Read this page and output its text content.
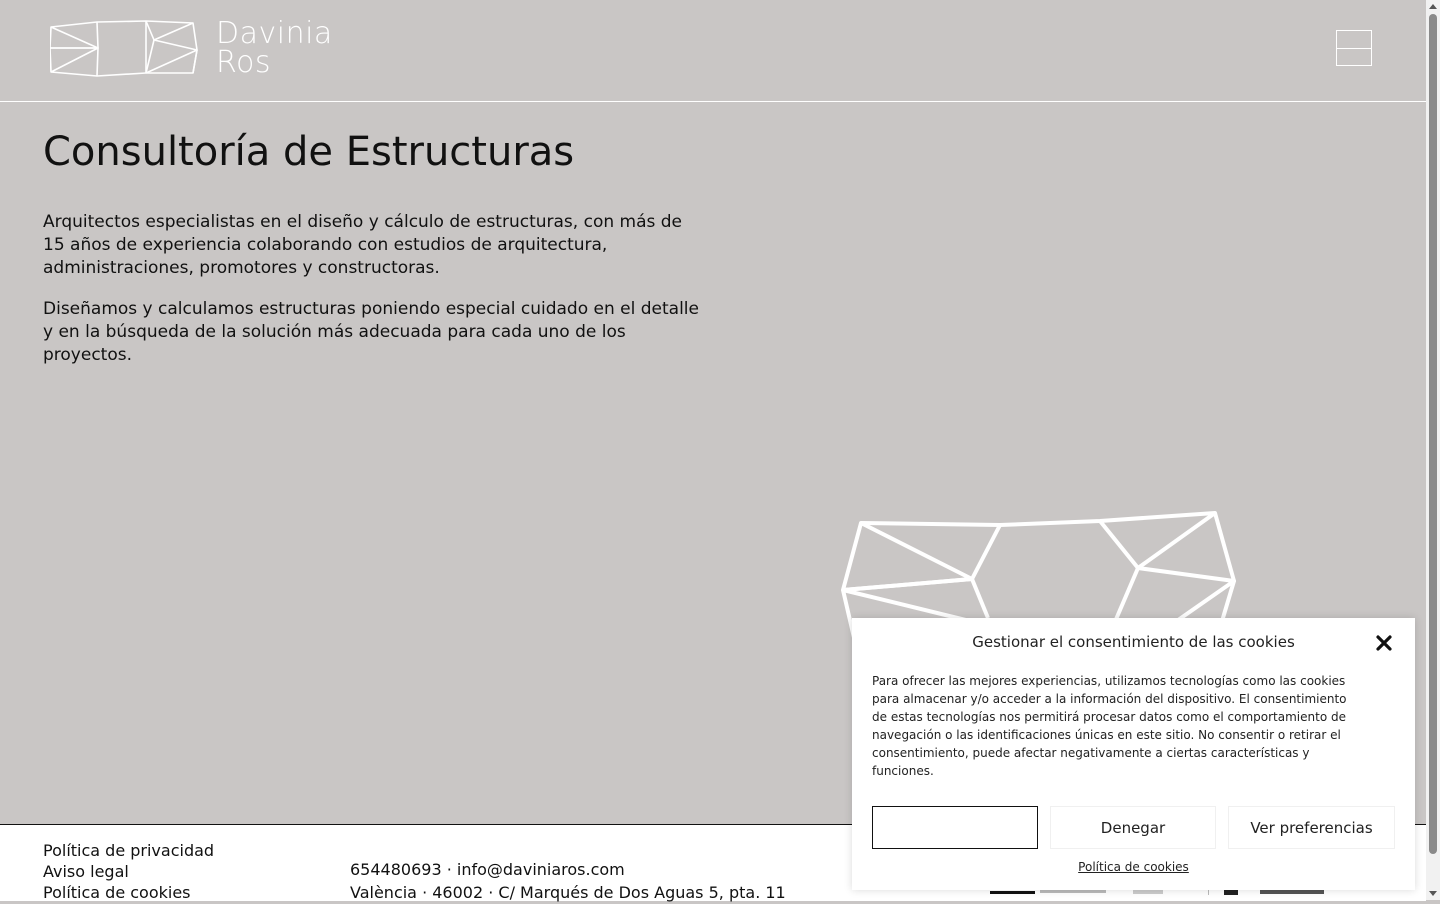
Davinia
Ros
Consultoría de Estructuras

Arquitectos especialistas en el diseño y cálculo de estructuras, con más de 15 años de experiencia colaborando con estudios de arquitectura, administraciones, promotores y constructoras.

Diseñamos y calculamos estructuras poniendo especial cuidado en el detalle y en la búsqueda de la solución más adecuada para cada uno de los proyectos.

Política de privacidad
Aviso legal
Política de cookies
654480693 · info@daviniaros.com
València · 46002 · C/ Marqués de Dos Aguas 5, pta. 11
Gestionar el consentimiento de las cookies

Para ofrecer las mejores experiencias, utilizamos tecnologías como las cookies para almacenar y/o acceder a la información del dispositivo. El consentimiento de estas tecnologías nos permitirá procesar datos como el comportamiento de navegación o las identificaciones únicas en este sitio. No consentir o retirar el consentimiento, puede afectar negativamente a ciertas características y funciones.

Denegar	Ver preferencias
Política de cookies
